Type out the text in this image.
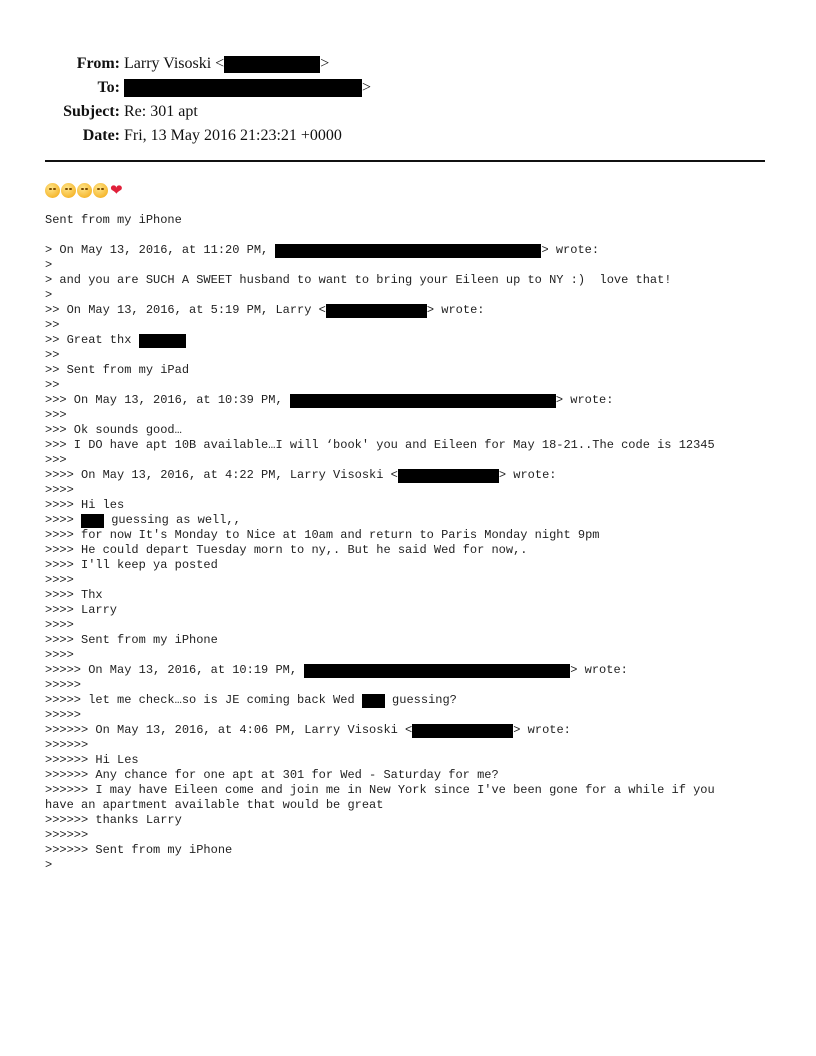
From: Larry Visoski <	>
To:	>
Subject: Re: 301 apt
Date: Fri, 13 May 2016 21:23:21 +0000
❤
Sent from my iPhone
> On May 13, 2016, at 11:20 PM,	> wrote:
>
> and you are SUCH A SWEET husband to want to bring your Eileen up to NY :)  love that!
>
>> On May 13, 2016, at 5:19 PM, Larry <	> wrote:
>>
>> Great thx
>>
>> Sent from my iPad
>>
>>> On May 13, 2016, at 10:39 PM,	> wrote:
>>>
>>> Ok sounds good…
>>> I DO have apt 10B available…I will ‘book' you and Eileen for May 18-21..The code is 12345
>>>
>>>> On May 13, 2016, at 4:22 PM, Larry Visoski <	> wrote:
>>>>
>>>> Hi les
>>>> guessing as well,,
>>>> for now It's Monday to Nice at 10am and return to Paris Monday night 9pm
>>>> He could depart Tuesday morn to ny,. But he said Wed for now,.
>>>> I'll keep ya posted
>>>>
>>>> Thx
>>>> Larry
>>>>
>>>> Sent from my iPhone
>>>>
>>>>> On May 13, 2016, at 10:19 PM,	> wrote:
>>>>>
>>>>> let me check…so is JE coming back Wed guessing?
>>>>>
>>>>>> On May 13, 2016, at 4:06 PM, Larry Visoski <	> wrote:
>>>>>>
>>>>>> Hi Les
>>>>>> Any chance for one apt at 301 for Wed - Saturday for me?
>>>>>> I may have Eileen come and join me in New York since I've been gone for a while if you
have an apartment available that would be great
>>>>>> thanks Larry
>>>>>>
>>>>>> Sent from my iPhone
>
